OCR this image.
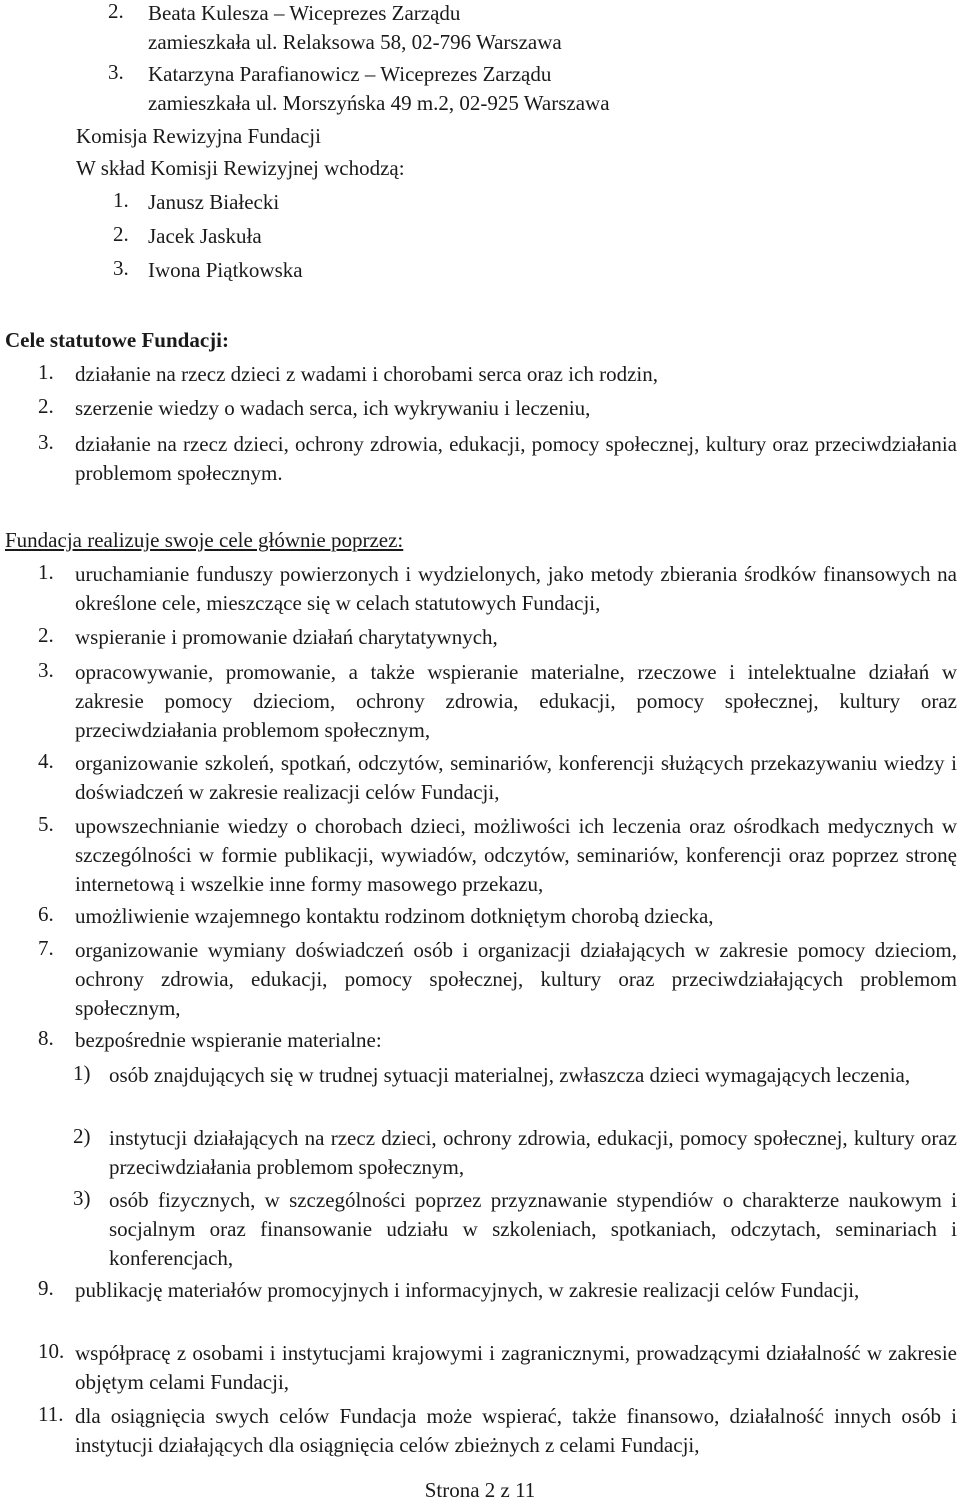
2. Beata Kulesza – Wiceprezes Zarządu
zamieszkała ul. Relaksowa 58, 02-796 Warszawa
3. Katarzyna Parafianowicz – Wiceprezes Zarządu
zamieszkała ul. Morszyńska 49 m.2, 02-925 Warszawa
Komisja Rewizyjna Fundacji
W skład Komisji Rewizyjnej wchodzą:
1. Janusz Białecki
2. Jacek Jaskuła
3. Iwona Piątkowska
Cele statutowe Fundacji:
1. działanie na rzecz dzieci z wadami i chorobami serca oraz ich rodzin,
2. szerzenie wiedzy o wadach serca, ich wykrywaniu i leczeniu,
3. działanie na rzecz dzieci, ochrony zdrowia, edukacji, pomocy społecznej, kultury oraz przeciwdziałania problemom społecznym.
Fundacja realizuje swoje cele głównie poprzez:
1. uruchamianie funduszy powierzonych i wydzielonych, jako metody zbierania środków finansowych na określone cele, mieszczące się w celach statutowych Fundacji,
2. wspieranie i promowanie działań charytatywnych,
3. opracowywanie, promowanie, a także wspieranie materialne, rzeczowe i intelektualne działań w zakresie pomocy dzieciom, ochrony zdrowia, edukacji, pomocy społecznej, kultury oraz przeciwdziałania problemom społecznym,
4. organizowanie szkoleń, spotkań, odczytów, seminariów, konferencji służących przekazywaniu wiedzy i doświadczeń w zakresie realizacji celów Fundacji,
5. upowszechnianie wiedzy o chorobach dzieci, możliwości ich leczenia oraz ośrodkach medycznych w szczególności w formie publikacji, wywiadów, odczytów, seminariów, konferencji oraz poprzez stronę internetową i wszelkie inne formy masowego przekazu,
6. umożliwienie wzajemnego kontaktu rodzinom dotkniętym chorobą dziecka,
7. organizowanie wymiany doświadczeń osób i organizacji działających w zakresie pomocy dzieciom, ochrony zdrowia, edukacji, pomocy społecznej, kultury oraz przeciwdziałających problemom społecznym,
8. bezpośrednie wspieranie materialne:
1) osób znajdujących się w trudnej sytuacji materialnej, zwłaszcza dzieci wymagających leczenia,
2) instytucji działających na rzecz dzieci, ochrony zdrowia, edukacji, pomocy społecznej, kultury oraz przeciwdziałania problemom społecznym,
3) osób fizycznych, w szczególności poprzez przyznawanie stypendiów o charakterze naukowym i socjalnym oraz finansowanie udziału w szkoleniach, spotkaniach, odczytach, seminariach i konferencjach,
9. publikację materiałów promocyjnych i informacyjnych, w zakresie realizacji celów Fundacji,
10. współpracę z osobami i instytucjami krajowymi i zagranicznymi, prowadzącymi działalność w zakresie objętym celami Fundacji,
11. dla osiągnięcia swych celów Fundacja może wspierać, także finansowo, działalność innych osób i instytucji działających dla osiągnięcia celów zbieżnych z celami Fundacji,
Strona 2 z 11
